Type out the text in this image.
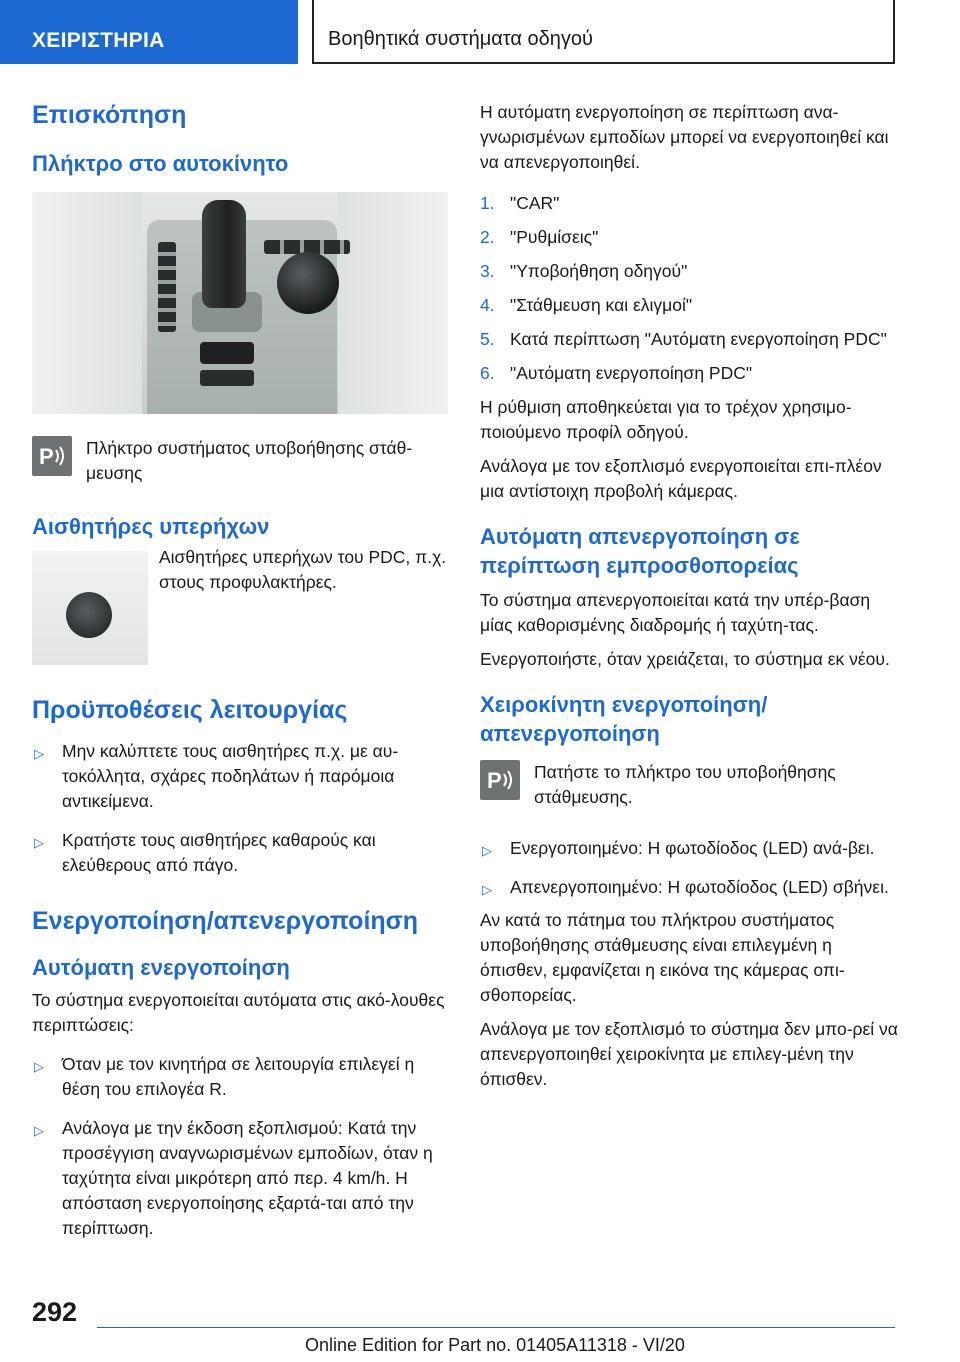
ΧΕΙΡΙΣΤΗΡΙΑ	Βοηθητικά συστήματα οδηγού
Επισκόπηση
Πλήκτρο στο αυτοκίνητο
P Πλήκτρο συστήματος υποβοήθησης στάθ-μευσης
Αισθητήρες υπερήχων
Αισθητήρες υπερήχων του PDC, π.χ. στους προφυλακτήρες.
Προϋποθέσεις λειτουργίας
▷ Μην καλύπτετε τους αισθητήρες π.χ. με αυ-τοκόλλητα, σχάρες ποδηλάτων ή παρόμοια αντικείμενα.
▷ Κρατήστε τους αισθητήρες καθαρούς και ελεύθερους από πάγο.
Ενεργοποίηση/απενεργοποίηση
Αυτόματη ενεργοποίηση
Το σύστημα ενεργοποιείται αυτόματα στις ακό-λουθες περιπτώσεις:
▷ Όταν με τον κινητήρα σε λειτουργία επιλεγεί η θέση του επιλογέα R.
▷ Ανάλογα με την έκδοση εξοπλισμού: Κατά την προσέγγιση αναγνωρισμένων εμποδίων, όταν η ταχύτητα είναι μικρότερη από περ. 4 km/h. Η απόσταση ενεργοποίησης εξαρτά-ται από την περίπτωση.
Η αυτόματη ενεργοποίηση σε περίπτωση ανα-γνωρισμένων εμποδίων μπορεί να ενεργοποιηθεί και να απενεργοποιηθεί.
1. "CAR"
2. "Ρυθμίσεις"
3. "Υποβοήθηση οδηγού"
4. "Στάθμευση και ελιγμοί"
5. Κατά περίπτωση "Αυτόματη ενεργοποίηση PDC"
6. "Αυτόματη ενεργοποίηση PDC"
Η ρύθμιση αποθηκεύεται για το τρέχον χρησιμο-ποιούμενο προφίλ οδηγού.
Ανάλογα με τον εξοπλισμό ενεργοποιείται επι-πλέον μια αντίστοιχη προβολή κάμερας.
Αυτόματη απενεργοποίηση σε περίπτωση εμπροσθοπορείας
Το σύστημα απενεργοποιείται κατά την υπέρ-βαση μίας καθορισμένης διαδρομής ή ταχύτη-τας.
Ενεργοποιήστε, όταν χρειάζεται, το σύστημα εκ νέου.
Χειροκίνητη ενεργοποίηση/ απενεργοποίηση
P Πατήστε το πλήκτρο του υποβοήθησης στάθμευσης.
▷ Ενεργοποιημένο: Η φωτοδίοδος (LED) ανά-βει.
▷ Απενεργοποιημένο: Η φωτοδίοδος (LED) σβήνει.
Αν κατά το πάτημα του πλήκτρου συστήματος υποβοήθησης στάθμευσης είναι επιλεγμένη η όπισθεν, εμφανίζεται η εικόνα της κάμερας οπι-σθοπορείας.
Ανάλογα με τον εξοπλισμό το σύστημα δεν μπο-ρεί να απενεργοποιηθεί χειροκίνητα με επιλεγ-μένη την όπισθεν.
292
Online Edition for Part no. 01405A11318 - VI/20
